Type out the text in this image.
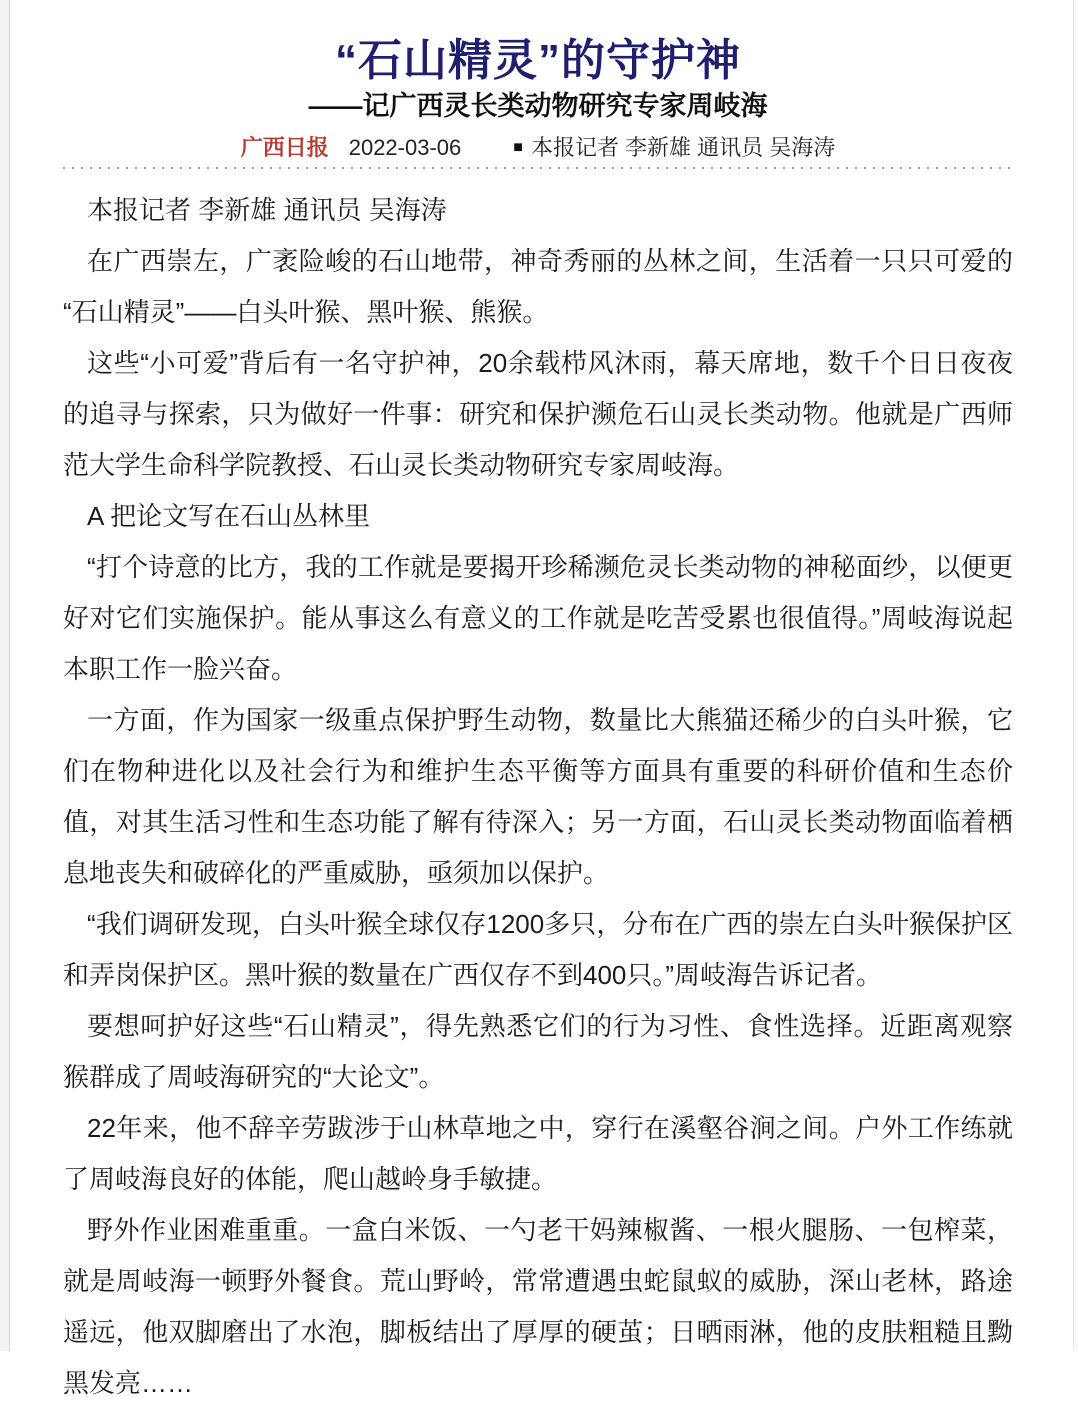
“石山精灵”的守护神
——记广西灵长类动物研究专家周岐海
广西日报 2022-03-06	■ 本报记者 李新雄 通讯员 吴海涛

本报记者 李新雄 通讯员 吴海涛

在广西崇左，广袤险峻的石山地带，神奇秀丽的丛林之间，生活着一只只可爱的“石山精灵”——白头叶猴、黑叶猴、熊猴。

这些“小可爱”背后有一名守护神，20余载栉风沐雨，幕天席地，数千个日日夜夜的追寻与探索，只为做好一件事：研究和保护濒危石山灵长类动物。他就是广西师范大学生命科学院教授、石山灵长类动物研究专家周岐海。

A 把论文写在石山丛林里

“打个诗意的比方，我的工作就是要揭开珍稀濒危灵长类动物的神秘面纱，以便更好对它们实施保护。能从事这么有意义的工作就是吃苦受累也很值得。”周岐海说起本职工作一脸兴奋。

一方面，作为国家一级重点保护野生动物，数量比大熊猫还稀少的白头叶猴，它们在物种进化以及社会行为和维护生态平衡等方面具有重要的科研价值和生态价值，对其生活习性和生态功能了解有待深入；另一方面，石山灵长类动物面临着栖息地丧失和破碎化的严重威胁，亟须加以保护。

“我们调研发现，白头叶猴全球仅存1200多只，分布在广西的崇左白头叶猴保护区和弄岗保护区。黑叶猴的数量在广西仅存不到400只。”周岐海告诉记者。

要想呵护好这些“石山精灵”，得先熟悉它们的行为习性、食性选择。近距离观察猴群成了周岐海研究的“大论文”。

22年来，他不辞辛劳跋涉于山林草地之中，穿行在溪壑谷涧之间。户外工作练就了周岐海良好的体能，爬山越岭身手敏捷。

野外作业困难重重。一盒白米饭、一勺老干妈辣椒酱、一根火腿肠、一包榨菜，就是周岐海一顿野外餐食。荒山野岭，常常遭遇虫蛇鼠蚁的威胁，深山老林，路途遥远，他双脚磨出了水泡，脚板结出了厚厚的硬茧；日晒雨淋，他的皮肤粗糙且黝黑发亮……
